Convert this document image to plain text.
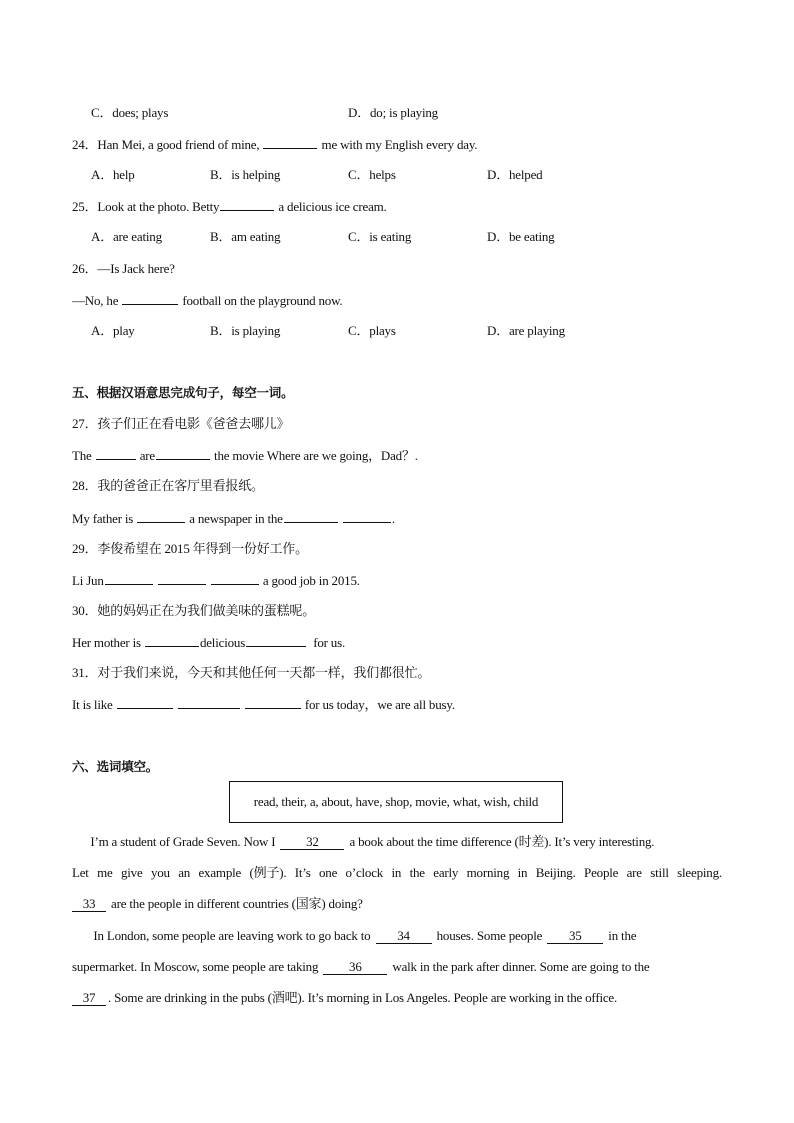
C．does; plays	D．do; is playing
24．Han Mei, a good friend of mine,	me with my English every day.
A．help	B．is helping	C．helps	D．helped
25．Look at the photo. Betty	a delicious ice cream.
A．are eating	B．am eating	C．is eating	D．be eating
26．—Is Jack here?
—No, he	football on the playground now.
A．play	B．is playing	C．plays	D．are playing
五、根据汉语意思完成句子，每空一词。
27．孩子们正在看电影《爸爸去哪儿》
The	are	the movie Where are we going，Dad？.
28．我的爸爸正在客厅里看报纸。
My father is	a newspaper in the	.
29．李俊希望在 2015 年得到一份好工作。
Li Jun	a good job in 2015.
30．她的妈妈正在为我们做美味的蛋糕呢。
Her mother is	delicious	for us.
31．对于我们来说，今天和其他任何一天都一样，我们都很忙。
It is like	for us today，we are all busy.
六、选词填空。
read, their, a, about, have, shop, movie, what, wish, child
I’m a student of Grade Seven. Now I 32 a book about the time difference (时差). It’s very interesting.
Let me give you an example (例子). It’s one o’clock in the early morning in Beijing. People are still sleeping.
33 are the people in different countries (国家) doing?
In London, some people are leaving work to go back to 34 houses. Some people 35 in the
supermarket. In Moscow, some people are taking 36 walk in the park after dinner. Some are going to the
37 . Some are drinking in the pubs (酒吧). It’s morning in Los Angeles. People are working in the office.
